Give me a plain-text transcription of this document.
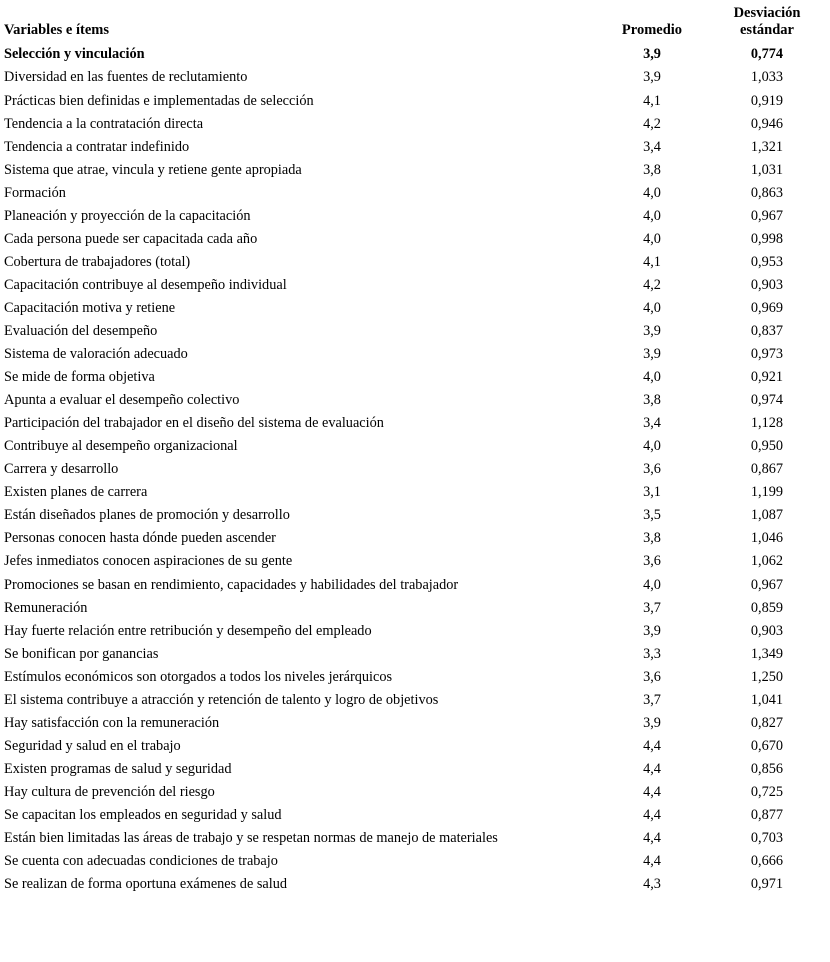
Variables e ítems	Promedio	Desviación estándar
Selección y vinculación	3,9	0,774
Diversidad en las fuentes de reclutamiento	3,9	1,033
Prácticas bien definidas e implementadas de selección	4,1	0,919
Tendencia a la contratación directa	4,2	0,946
Tendencia a contratar indefinido	3,4	1,321
Sistema que atrae, vincula y retiene gente apropiada	3,8	1,031
Formación	4,0	0,863
Planeación y proyección de la capacitación	4,0	0,967
Cada persona puede ser capacitada cada año	4,0	0,998
Cobertura de trabajadores (total)	4,1	0,953
Capacitación contribuye al desempeño individual	4,2	0,903
Capacitación motiva y retiene	4,0	0,969
Evaluación del desempeño	3,9	0,837
Sistema de valoración adecuado	3,9	0,973
Se mide de forma objetiva	4,0	0,921
Apunta a evaluar el desempeño colectivo	3,8	0,974
Participación del trabajador en el diseño del sistema de evaluación	3,4	1,128
Contribuye al desempeño organizacional	4,0	0,950
Carrera y desarrollo	3,6	0,867
Existen planes de carrera	3,1	1,199
Están diseñados planes de promoción y desarrollo	3,5	1,087
Personas conocen hasta dónde pueden ascender	3,8	1,046
Jefes inmediatos conocen aspiraciones de su gente	3,6	1,062
Promociones se basan en rendimiento, capacidades y habilidades del trabajador	4,0	0,967
Remuneración	3,7	0,859
Hay fuerte relación entre retribución y desempeño del empleado	3,9	0,903
Se bonifican por ganancias	3,3	1,349
Estímulos económicos son otorgados a todos los niveles jerárquicos	3,6	1,250
El sistema contribuye a atracción y retención de talento y logro de objetivos	3,7	1,041
Hay satisfacción con la remuneración	3,9	0,827
Seguridad y salud en el trabajo	4,4	0,670
Existen programas de salud y seguridad	4,4	0,856
Hay cultura de prevención del riesgo	4,4	0,725
Se capacitan los empleados en seguridad y salud	4,4	0,877
Están bien limitadas las áreas de trabajo y se respetan normas de manejo de materiales	4,4	0,703
Se cuenta con adecuadas condiciones de trabajo	4,4	0,666
Se realizan de forma oportuna exámenes de salud	4,3	0,971
